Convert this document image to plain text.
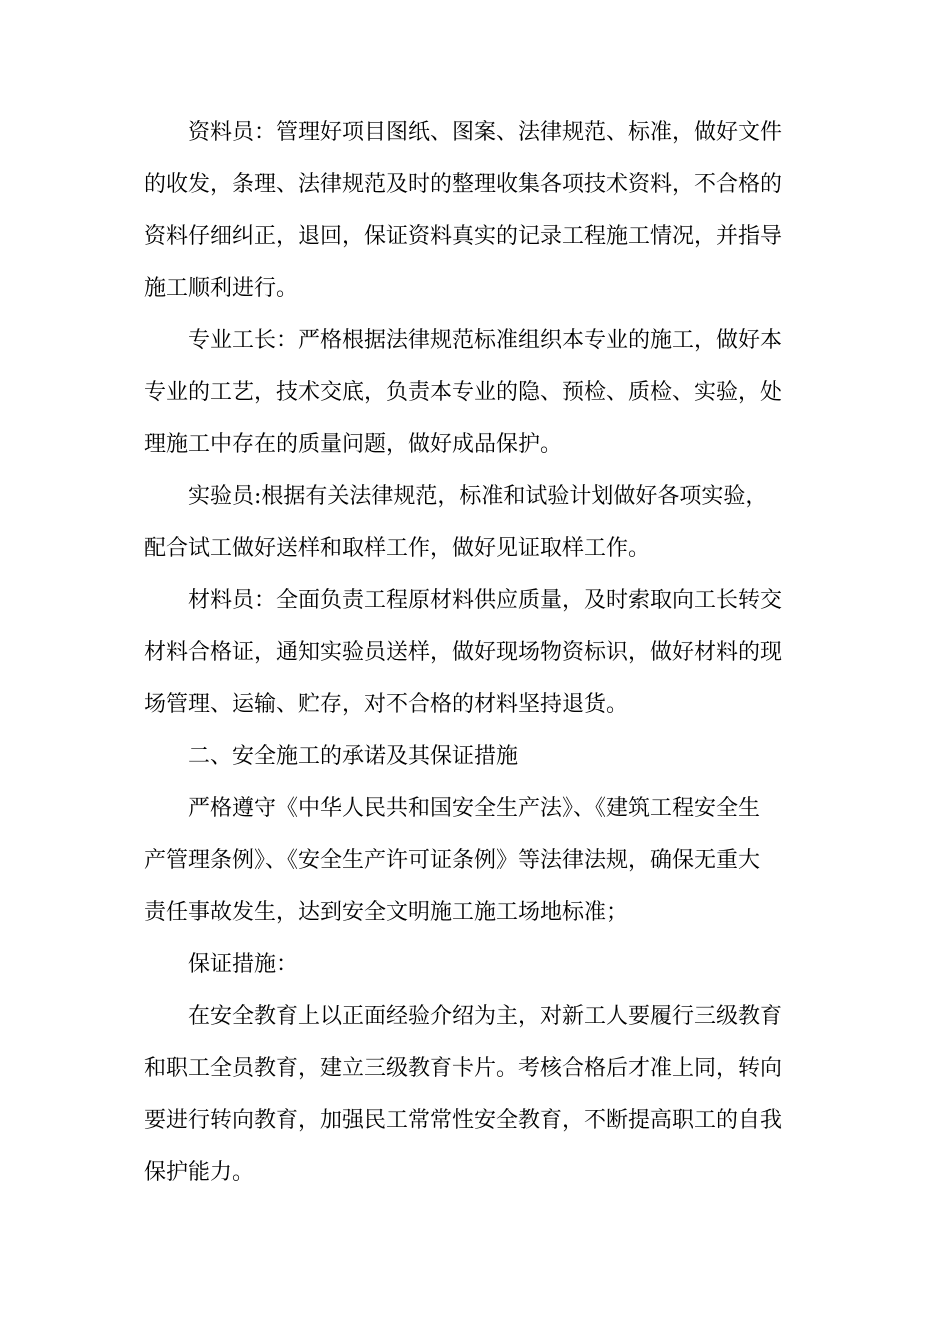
资料员：管理好项目图纸、图案、法律规范、标准，做好文件
的收发，条理、法律规范及时的整理收集各项技术资料，不合格的
资料仔细纠正，退回，保证资料真实的记录工程施工情况，并指导
施工顺利进行。

专业工长：严格根据法律规范标准组织本专业的施工，做好本
专业的工艺，技术交底，负责本专业的隐、预检、质检、实验，处
理施工中存在的质量问题，做好成品保护。

实验员:根据有关法律规范，标准和试验计划做好各项实验，
配合试工做好送样和取样工作，做好见证取样工作。

材料员：全面负责工程原材料供应质量，及时索取向工长转交
材料合格证，通知实验员送样，做好现场物资标识，做好材料的现
场管理、运输、贮存，对不合格的材料坚持退货。

二、安全施工的承诺及其保证措施

严格遵守《中华人民共和国安全生产法》、《建筑工程安全生
产管理条例》、《安全生产许可证条例》等法律法规，确保无重大
责任事故发生，达到安全文明施工施工场地标准；

保证措施：

在安全教育上以正面经验介绍为主，对新工人要履行三级教育
和职工全员教育，建立三级教育卡片。考核合格后才准上同，转向
要进行转向教育，加强民工常常性安全教育，不断提高职工的自我
保护能力。
